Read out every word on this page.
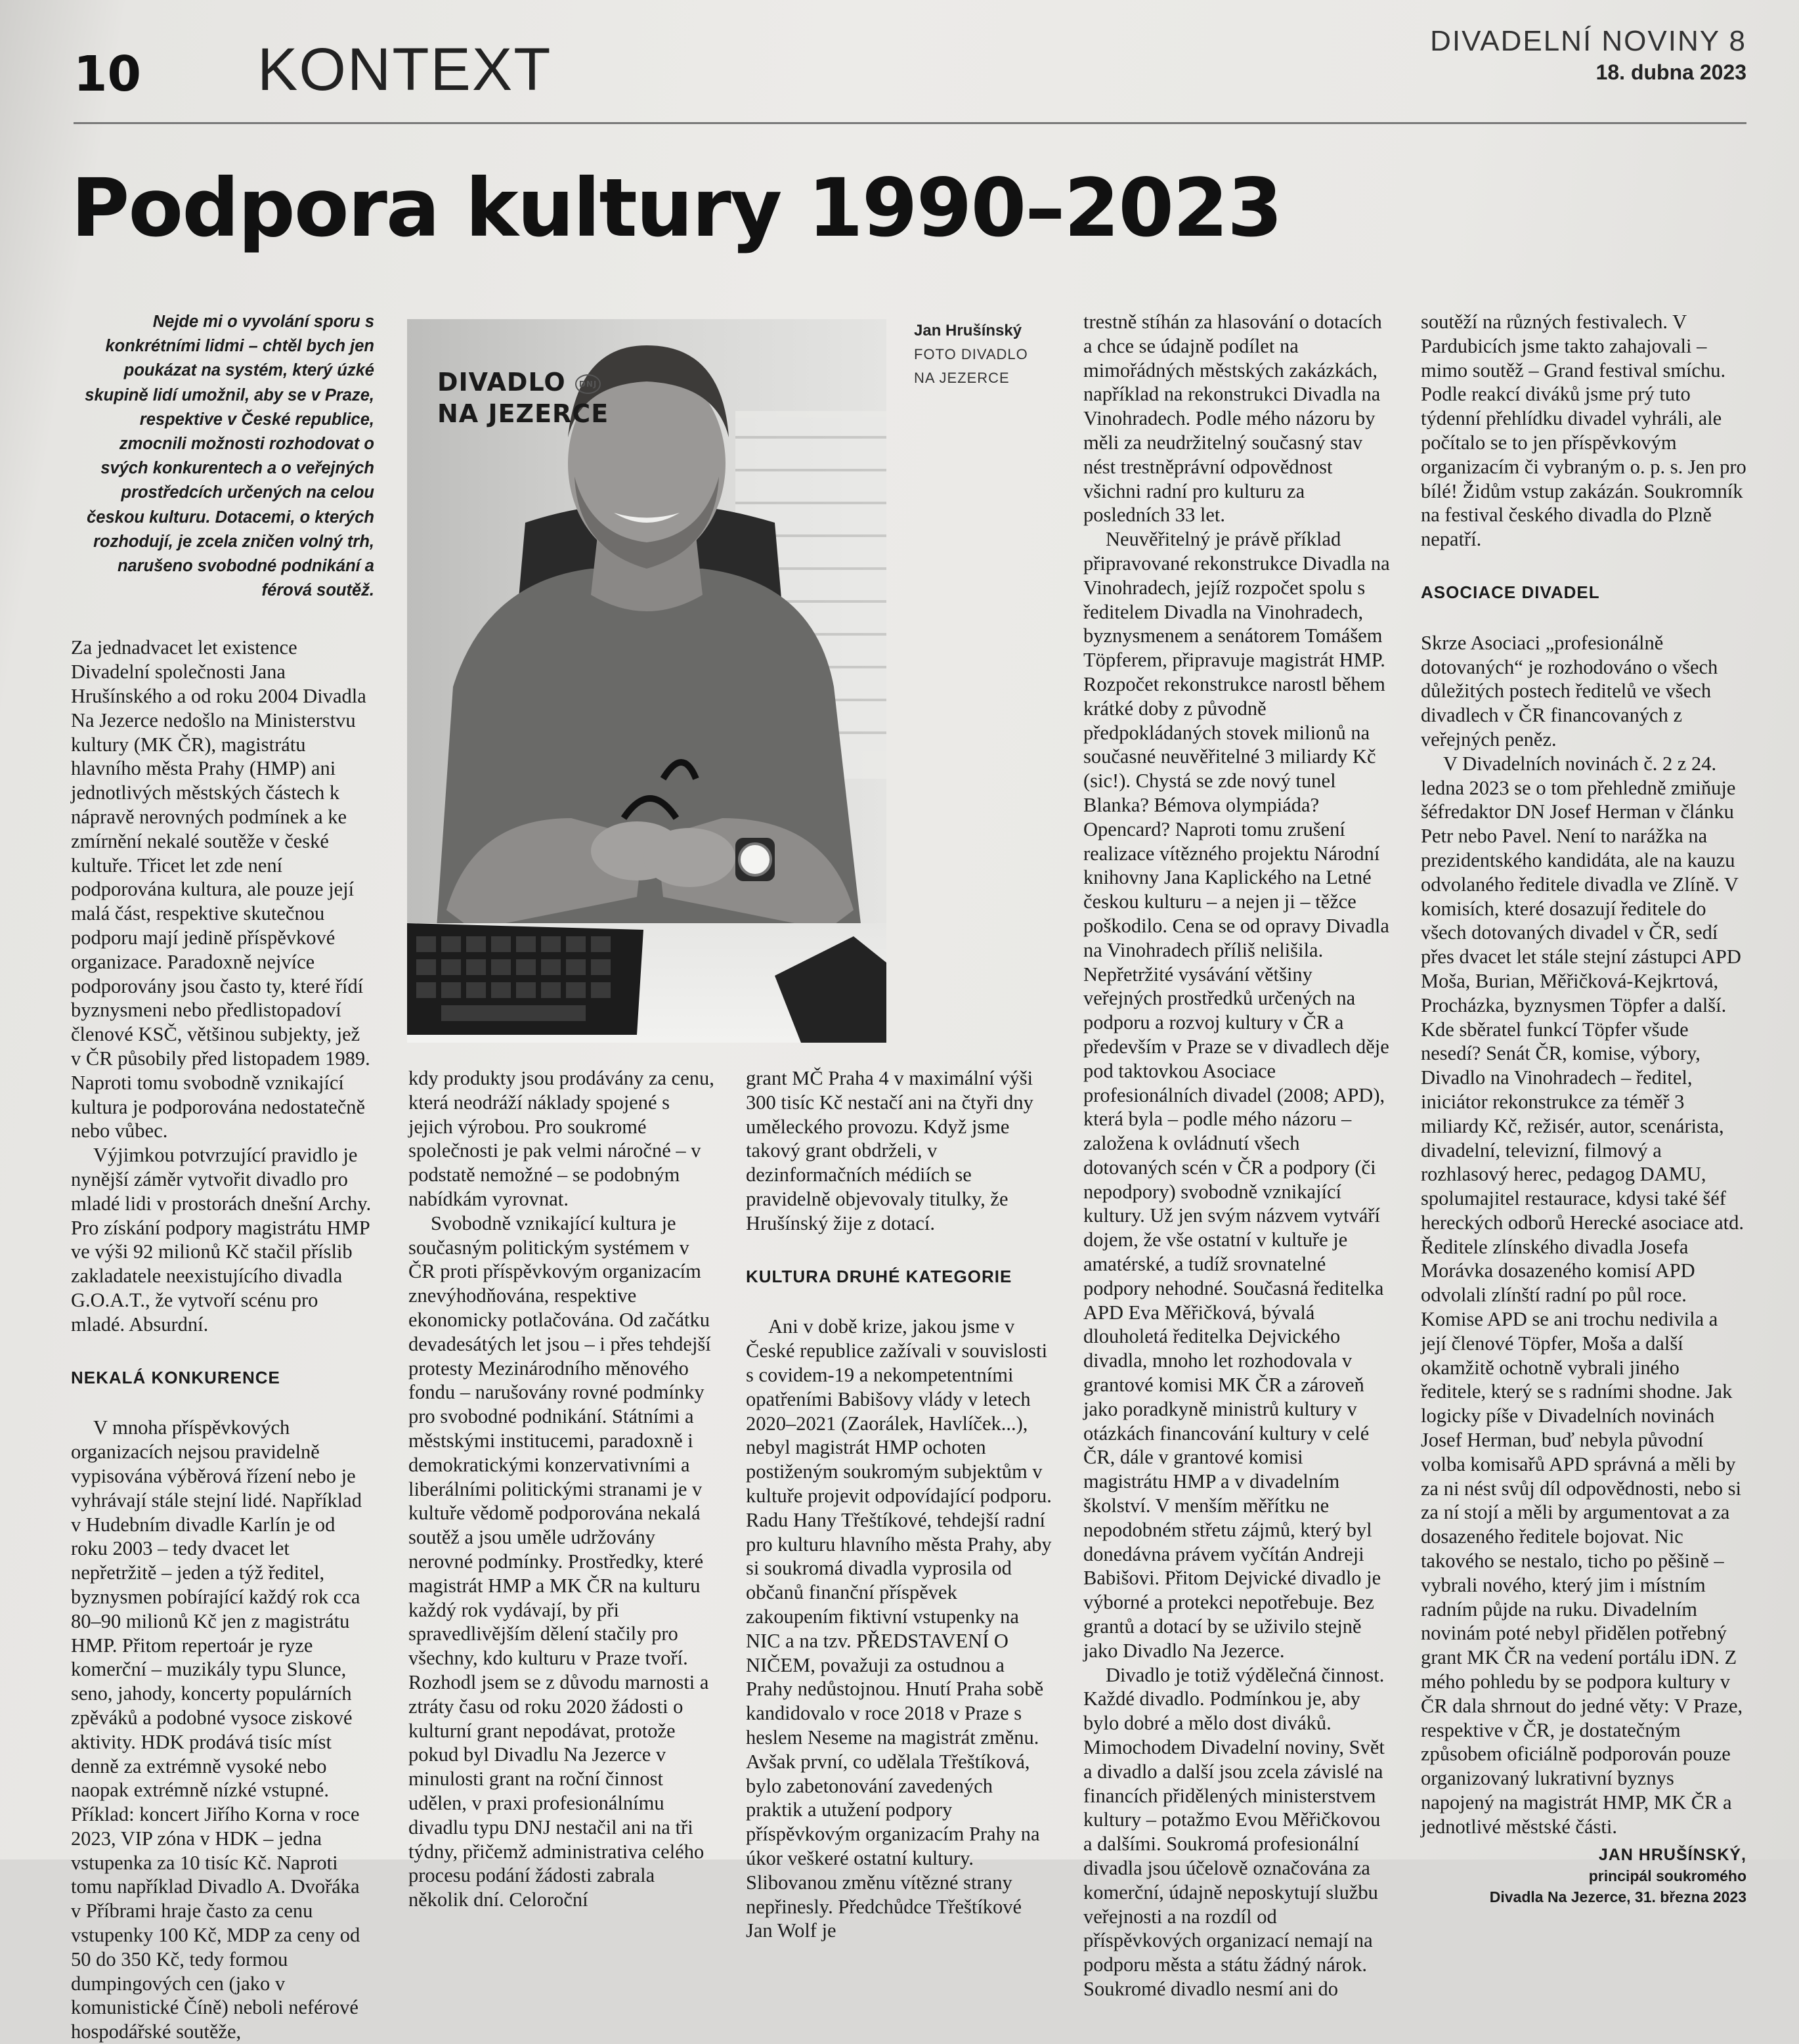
10 KONTEXT	DIVADELNÍ NOVINY 8
18. dubna 2023
Podpora kultury 1990–2023

Nejde mi o vyvolání sporu s konkrétními lidmi – chtěl bych jen poukázat na systém, který úzké skupině lidí umožnil, aby se v Praze, respektive v České republice, zmocnili možnosti rozhodovat o svých konkurentech a o veřejných prostředcích určených na celou českou kulturu. Dotacemi, o kterých rozhodují, je zcela zničen volný trh, narušeno svobodné podnikání a férová soutěž.

Za jednadvacet let existence Divadelní společnosti Jana Hrušínského a od roku 2004 Divadla Na Jezerce nedošlo na Ministerstvu kultury (MK ČR), magistrátu hlavního města Prahy (HMP) ani jednotlivých městských částech k nápravě nerovných podmínek a ke zmírnění nekalé soutěže v české kultuře. Třicet let zde není podporována kultura, ale pouze její malá část, respektive skutečnou podporu mají jedině příspěvkové organizace. Paradoxně nejvíce podporovány jsou často ty, které řídí byznysmeni nebo předlistopadoví členové KSČ, většinou subjekty, jež v ČR působily před listopadem 1989. Naproti tomu svobodně vznikající kultura je podporována nedostatečně nebo vůbec.

Výjimkou potvrzující pravidlo je nynější záměr vytvořit divadlo pro mladé lidi v prostorách dnešní Archy. Pro získání podpory magistrátu HMP ve výši 92 milionů Kč stačil příslib zakladatele neexistujícího divadla G.O.A.T., že vytvoří scénu pro mladé. Absurdní.

NEKALÁ KONKURENCE

V mnoha příspěvkových organizacích nejsou pravidelně vypisována výběrová řízení nebo je vyhrávají stále stejní lidé. Například v Hudebním divadle Karlín je od roku 2003 – tedy dvacet let nepřetržitě – jeden a týž ředitel, byznysmen pobírající každý rok cca 80–90 milionů Kč jen z magistrátu HMP. Přitom repertoár je ryze komerční – muzikály typu Slunce, seno, jahody, koncerty populárních zpěváků a podobné vysoce ziskové aktivity. HDK prodává tisíc míst denně za extrémně vysoké nebo naopak extrémně nízké vstupné. Příklad: koncert Jiřího Korna v roce 2023, VIP zóna v HDK – jedna vstupenka za 10 tisíc Kč. Naproti tomu například Divadlo A. Dvořáka v Příbrami hraje často za cenu vstupenky 100 Kč, MDP za ceny od 50 do 350 Kč, tedy formou dumpingových cen (jako v komunistické Číně) neboli neférové hospodářské soutěže,

DIVADLO DNJ
NA JEZERCE
Jan Hrušínský
FOTO DIVADLO
NA JEZERCE

kdy produkty jsou prodávány za cenu, která neodráží náklady spojené s jejich výrobou. Pro soukromé společnosti je pak velmi náročné – v podstatě nemožné – se podobným nabídkám vyrovnat.

Svobodně vznikající kultura je současným politickým systémem v ČR proti příspěvkovým organizacím znevýhodňována, respektive ekonomicky potlačována. Od začátku devadesátých let jsou – i přes tehdejší protesty Mezinárodního měnového fondu – narušovány rovné podmínky pro svobodné podnikání. Státními a městskými institucemi, paradoxně i demokratickými konzervativními a liberálními politickými stranami je v kultuře vědomě podporována nekalá soutěž a jsou uměle udržovány nerovné podmínky. Prostředky, které magistrát HMP a MK ČR na kulturu každý rok vydávají, by při spravedlivějším dělení stačily pro všechny, kdo kulturu v Praze tvoří. Rozhodl jsem se z důvodu marnosti a ztráty času od roku 2020 žádosti o kulturní grant nepodávat, protože pokud byl Divadlu Na Jezerce v minulosti grant na roční činnost udělen, v praxi profesionálnímu divadlu typu DNJ nestačil ani na tři týdny, přičemž administrativa celého procesu podání žádosti zabrala několik dní. Celoroční

grant MČ Praha 4 v maximální výši 300 tisíc Kč nestačí ani na čtyři dny uměleckého provozu. Když jsme takový grant obdrželi, v dezinformačních médiích se pravidelně objevovaly titulky, že Hrušínský žije z dotací.

KULTURA DRUHÉ KATEGORIE

Ani v době krize, jakou jsme v České republice zažívali v souvislosti s covidem-19 a nekompetentními opatřeními Babišovy vlády v letech 2020–2021 (Zaorálek, Havlíček...), nebyl magistrát HMP ochoten postiženým soukromým subjektům v kultuře projevit odpovídající podporu. Radu Hany Třeštíkové, tehdejší radní pro kulturu hlavního města Prahy, aby si soukromá divadla vyprosila od občanů finanční příspěvek zakoupením fiktivní vstupenky na NIC a na tzv. PŘEDSTAVENÍ O NIČEM, považuji za ostudnou a Prahy nedůstojnou. Hnutí Praha sobě kandidovalo v roce 2018 v Praze s heslem Neseme na magistrát změnu. Avšak první, co udělala Třeštíková, bylo zabetonování zavedených praktik a utužení podpory příspěvkovým organizacím Prahy na úkor veškeré ostatní kultury. Slibovanou změnu vítězné strany nepřinesly. Předchůdce Třeštíkové Jan Wolf je

trestně stíhán za hlasování o dotacích a chce se údajně podílet na mimořádných městských zakázkách, například na rekonstrukci Divadla na Vinohradech. Podle mého názoru by měli za neudržitelný současný stav nést trestněprávní odpovědnost všichni radní pro kulturu za posledních 33 let.

Neuvěřitelný je právě příklad připravované rekonstrukce Divadla na Vinohradech, jejíž rozpočet spolu s ředitelem Divadla na Vinohradech, byznysmenem a senátorem Tomášem Töpferem, připravuje magistrát HMP. Rozpočet rekonstrukce narostl během krátké doby z původně předpokládaných stovek milionů na současné neuvěřitelné 3 miliardy Kč (sic!). Chystá se zde nový tunel Blanka? Bémova olympiáda? Opencard? Naproti tomu zrušení realizace vítězného projektu Národní knihovny Jana Kaplického na Letné českou kulturu – a nejen ji – těžce poškodilo. Cena se od opravy Divadla na Vinohradech příliš nelišila. Nepřetržité vysávání většiny veřejných prostředků určených na podporu a rozvoj kultury v ČR a především v Praze se v divadlech děje pod taktovkou Asociace profesionálních divadel (2008; APD), která byla – podle mého názoru – založena k ovládnutí všech dotovaných scén v ČR a podpory (či nepodpory) svobodně vznikající kultury. Už jen svým názvem vytváří dojem, že vše ostatní v kultuře je amatérské, a tudíž srovnatelné podpory nehodné. Současná ředitelka APD Eva Měřičková, bývalá dlouholetá ředitelka Dejvického divadla, mnoho let rozhodovala v grantové komisi MK ČR a zároveň jako poradkyně ministrů kultury v otázkách financování kultury v celé ČR, dále v grantové komisi magistrátu HMP a v divadelním školství. V menším měřítku ne nepodobném střetu zájmů, který byl donedávna právem vyčítán Andreji Babišovi. Přitom Dejvické divadlo je výborné a protekci nepotřebuje. Bez grantů a dotací by se uživilo stejně jako Divadlo Na Jezerce.

Divadlo je totiž výdělečná činnost. Každé divadlo. Podmínkou je, aby bylo dobré a mělo dost diváků. Mimochodem Divadelní noviny, Svět a divadlo a další jsou zcela závislé na financích přidělených ministerstvem kultury – potažmo Evou Měřičkovou a dalšími. Soukromá profesionální divadla jsou účelově označována za komerční, údajně neposkytují službu veřejnosti a na rozdíl od příspěvkových organizací nemají na podporu města a státu žádný nárok. Soukromé divadlo nesmí ani do

soutěží na různých festivalech. V Pardubicích jsme takto zahajovali – mimo soutěž – Grand festival smíchu. Podle reakcí diváků jsme prý tuto týdenní přehlídku divadel vyhráli, ale počítalo se to jen příspěvkovým organizacím či vybraným o. p. s. Jen pro bílé! Židům vstup zakázán. Soukromník na festival českého divadla do Plzně nepatří.

ASOCIACE DIVADEL

Skrze Asociaci „profesionálně dotovaných“ je rozhodováno o všech důležitých postech ředitelů ve všech divadlech v ČR financovaných z veřejných peněz.

V Divadelních novinách č. 2 z 24. ledna 2023 se o tom přehledně zmiňuje šéfredaktor DN Josef Herman v článku Petr nebo Pavel. Není to narážka na prezidentského kandidáta, ale na kauzu odvolaného ředitele divadla ve Zlíně. V komisích, které dosazují ředitele do všech dotovaných divadel v ČR, sedí přes dvacet let stále stejní zástupci APD Moša, Burian, Měřičková-Kejkrtová, Procházka, byznysmen Töpfer a další. Kde sběratel funkcí Töpfer všude nesedí? Senát ČR, komise, výbory, Divadlo na Vinohradech – ředitel, iniciátor rekonstrukce za téměř 3 miliardy Kč, režisér, autor, scenárista, divadelní, televizní, filmový a rozhlasový herec, pedagog DAMU, spolumajitel restaurace, kdysi také šéf hereckých odborů Herecké asociace atd. Ředitele zlínského divadla Josefa Morávka dosazeného komisí APD odvolali zlínští radní po půl roce. Komise APD se ani trochu nedivila a její členové Töpfer, Moša a další okamžitě ochotně vybrali jiného ředitele, který se s radními shodne. Jak logicky píše v Divadelních novinách Josef Herman, buď nebyla původní volba komisařů APD správná a měli by za ni nést svůj díl odpovědnosti, nebo si za ní stojí a měli by argumentovat a za dosazeného ředitele bojovat. Nic takového se nestalo, ticho po pěšině – vybrali nového, který jim i místním radním půjde na ruku. Divadelním novinám poté nebyl přidělen potřebný grant MK ČR na vedení portálu iDN. Z mého pohledu by se podpora kultury v ČR dala shrnout do jedné věty: V Praze, respektive v ČR, je dostatečným způsobem oficiálně podporován pouze organizovaný lukrativní byznys napojený na magistrát HMP, MK ČR a jednotlivé městské části.

JAN HRUŠÍNSKÝ,
principál soukromého
Divadla Na Jezerce, 31. března 2023
